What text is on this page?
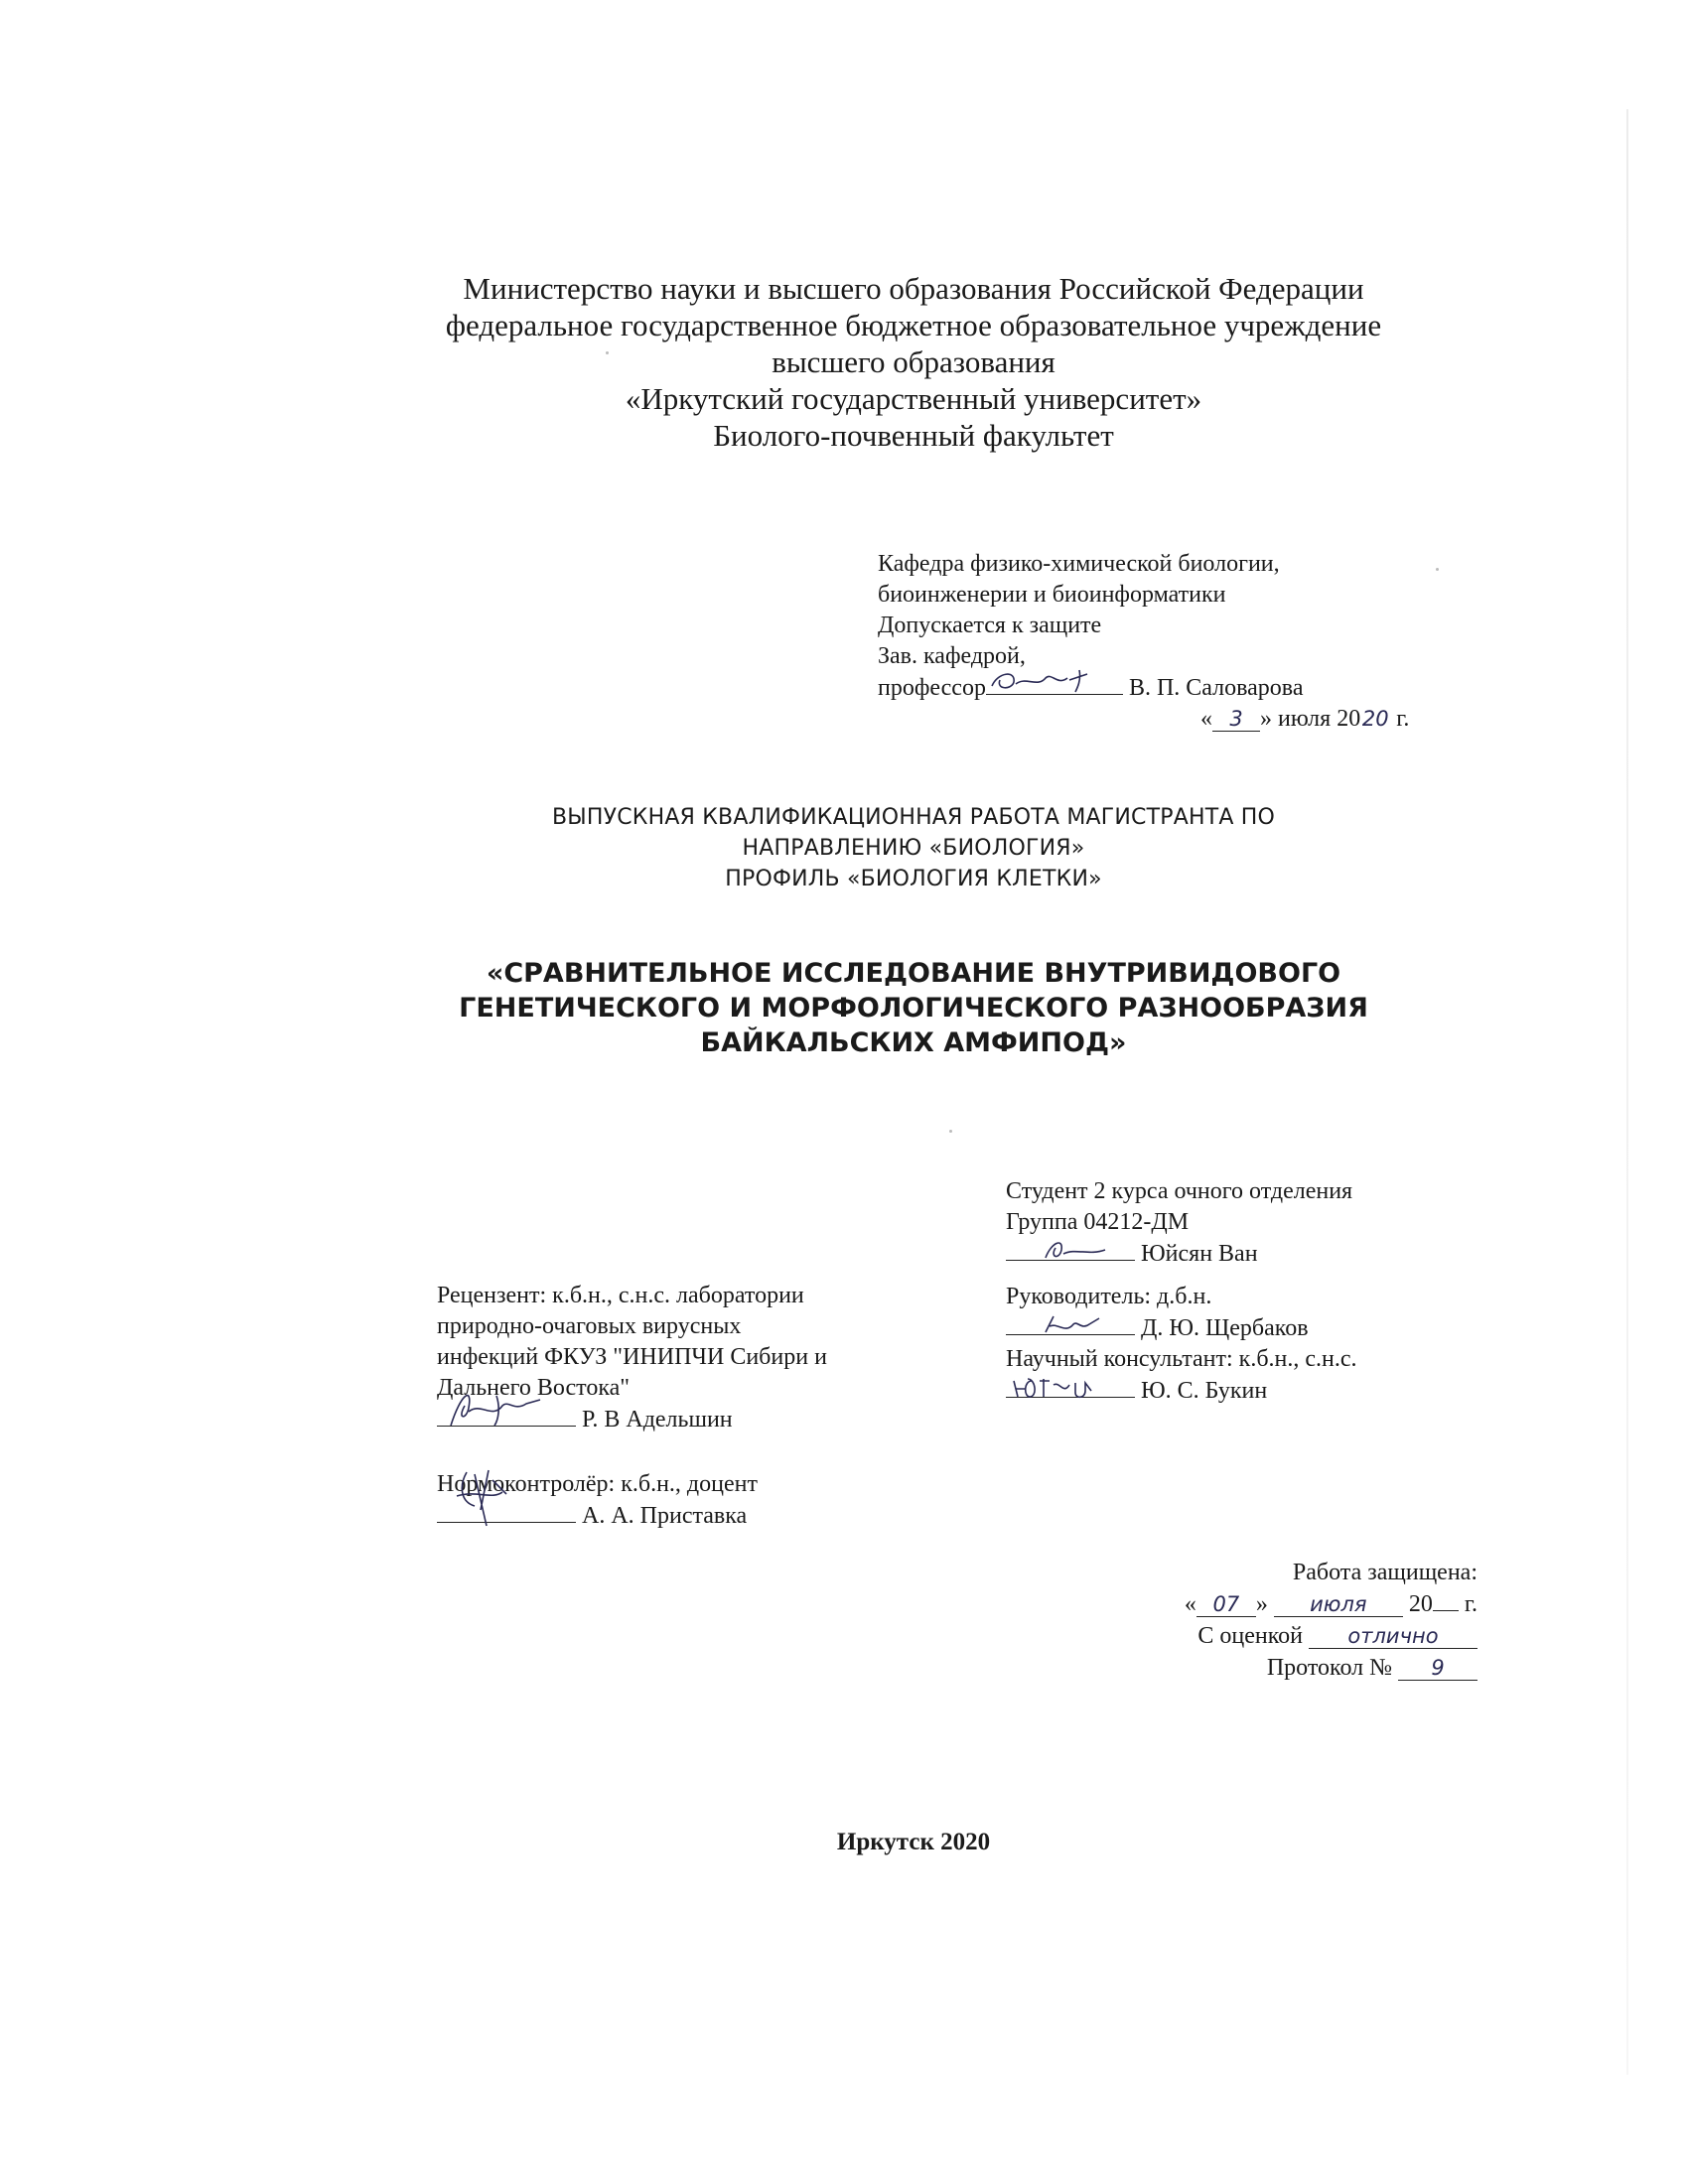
Министерство науки и высшего образования Российской Федерации
федеральное государственное бюджетное образовательное учреждение
высшего образования
«Иркутский государственный университет»
Биолого-почвенный факультет
Кафедра физико-химической биологии,
биоинженерии и биоинформатики
Допускается к защите
Зав. кафедрой,
профессор	В. П. Саловарова
« 3 » июля 2020 г.
ВЫПУСКНАЯ КВАЛИФИКАЦИОННАЯ РАБОТА МАГИСТРАНТА ПО
НАПРАВЛЕНИЮ «БИОЛОГИЯ»
ПРОФИЛЬ «БИОЛОГИЯ КЛЕТКИ»
«СРАВНИТЕЛЬНОЕ ИССЛЕДОВАНИЕ ВНУТРИВИДОВОГО
ГЕНЕТИЧЕСКОГО И МОРФОЛОГИЧЕСКОГО РАЗНООБРАЗИЯ
БАЙКАЛЬСКИХ АМФИПОД»
Студент 2 курса очного отделения
Группа 04212-ДМ
Юйсян Ван
Руководитель: д.б.н.
Д. Ю. Щербаков
Научный консультант: к.б.н., с.н.с.
Ю. С. Букин
Рецензент: к.б.н., с.н.с. лаборатории
природно-очаговых вирусных
инфекций ФКУЗ "ИНИПЧИ Сибири и
Дальнего Востока"
Р. В Адельшин
Нормоконтролёр: к.б.н., доцент
А. А. Приставка
Работа защищена:
« 07 » июля 20 г.
С оценкой отлично
Протокол № 9
Иркутск 2020
